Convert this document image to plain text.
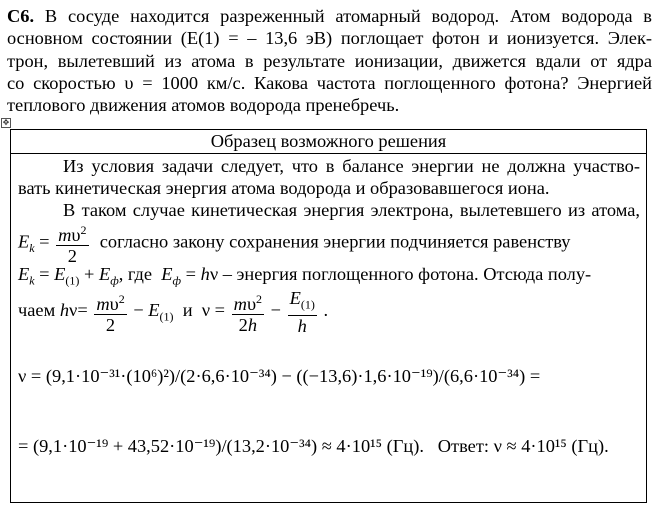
С6. В сосуде находится разреженный атомарный водород. Атом водорода в
основном состоянии (E(1) = – 13,6 эВ) поглощает фотон и ионизуется. Элек-
трон, вылетевший из атома в результате ионизации, движется вдали от ядра
со скоростью υ = 1000 км/с. Какова частота поглощенного фотона? Энергией
теплового движения атомов водорода пренебречь.
✥
Образец возможного решения
Из условия задачи следует, что в балансе энергии не должна участво-
вать кинетическая энергия атома водорода и образовавшегося иона.
В таком случае кинетическая энергия электрона, вылетевшего из атома,
$E_k = \frac{m\upsilon^2}{2}$ согласно закону сохранения энергии подчиняется равенству
$E_k = E_{(1)} + E_ф$, где $E_ф = h\nu$ – энергия поглощенного фотона. Отсюда полу-
чаем $h\nu= \frac{m\upsilon^2}{2} - E_{(1)}$ и  $\nu = \frac{m\upsilon^2}{2h} - \frac{E_{(1)}}{h}$ .
ν = (9,1·10⁻³¹·(10⁶)²)/(2·6,6·10⁻³⁴) − ((−13,6)·1,6·10⁻¹⁹)/(6,6·10⁻³⁴) =
= (9,1·10⁻¹⁹ + 43,52·10⁻¹⁹)/(13,2·10⁻³⁴) ≈ 4·10¹⁵ (Гц). Ответ: ν ≈ 4·10¹⁵ (Гц).
